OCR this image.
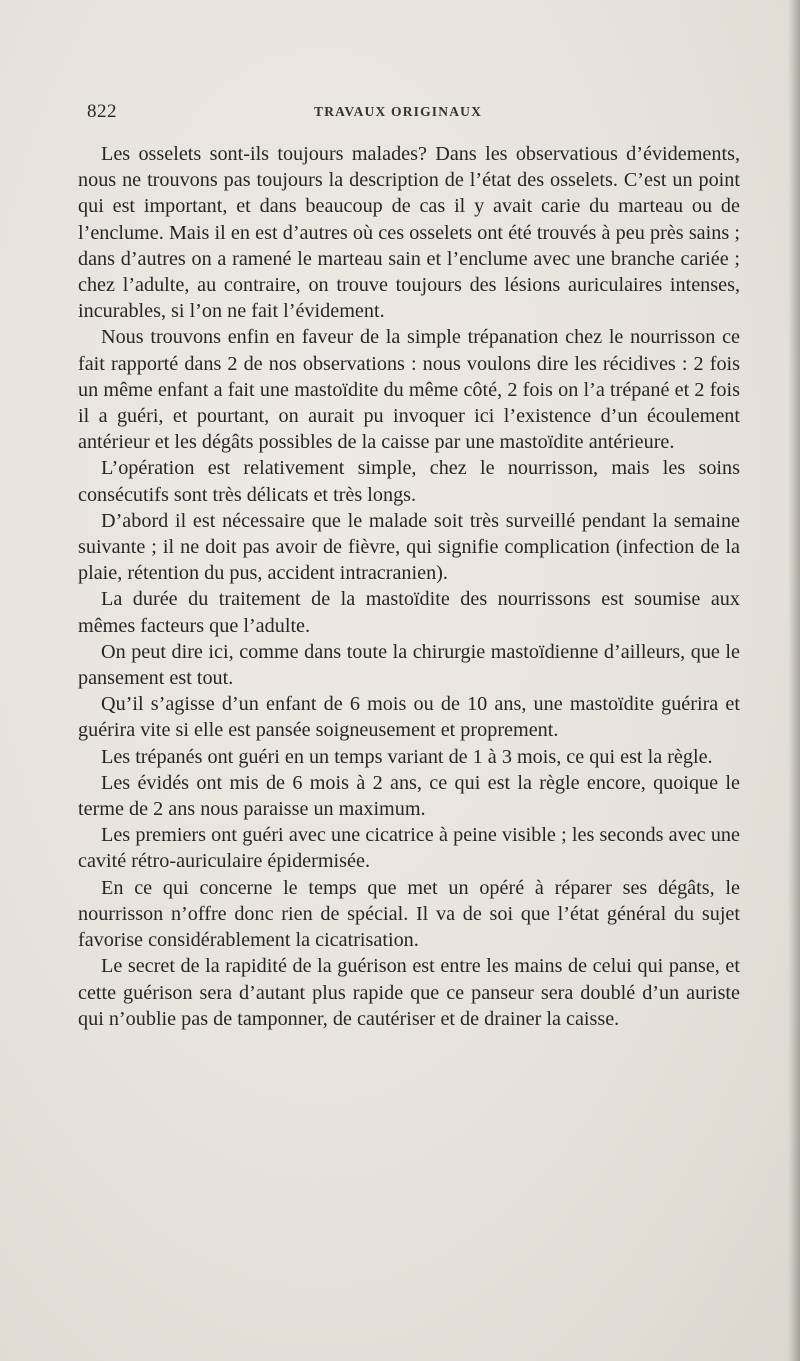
822	TRAVAUX ORIGINAUX

Les osselets sont-ils toujours malades? Dans les observatious d’évidements, nous ne trouvons pas toujours la description de l’état des osselets. C’est un point qui est important, et dans beaucoup de cas il y avait carie du marteau ou de l’enclume. Mais il en est d’autres où ces osselets ont été trouvés à peu près sains ; dans d’autres on a ramené le marteau sain et l’enclume avec une branche cariée ; chez l’adulte, au contraire, on trouve toujours des lésions auriculaires intenses, incurables, si l’on ne fait l’évidement.

Nous trouvons enfin en faveur de la simple trépanation chez le nourrisson ce fait rapporté dans 2 de nos observations : nous voulons dire les récidives : 2 fois un même enfant a fait une mastoïdite du même côté, 2 fois on l’a trépané et 2 fois il a guéri, et pourtant, on aurait pu invoquer ici l’existence d’un écoulement antérieur et les dégâts possibles de la caisse par une mastoïdite antérieure.

L’opération est relativement simple, chez le nourrisson, mais les soins consécutifs sont très délicats et très longs.

D’abord il est nécessaire que le malade soit très surveillé pendant la semaine suivante ; il ne doit pas avoir de fièvre, qui signifie complication (infection de la plaie, rétention du pus, accident intracranien).

La durée du traitement de la mastoïdite des nourrissons est soumise aux mêmes facteurs que l’adulte.

On peut dire ici, comme dans toute la chirurgie mastoïdienne d’ailleurs, que le pansement est tout.

Qu’il s’agisse d’un enfant de 6 mois ou de 10 ans, une mastoïdite guérira et guérira vite si elle est pansée soigneusement et proprement.

Les trépanés ont guéri en un temps variant de 1 à 3 mois, ce qui est la règle.

Les évidés ont mis de 6 mois à 2 ans, ce qui est la règle encore, quoique le terme de 2 ans nous paraisse un maximum.

Les premiers ont guéri avec une cicatrice à peine visible ; les seconds avec une cavité rétro-auriculaire épidermisée.

En ce qui concerne le temps que met un opéré à réparer ses dégâts, le nourrisson n’offre donc rien de spécial. Il va de soi que l’état général du sujet favorise considérablement la cicatrisation.

Le secret de la rapidité de la guérison est entre les mains de celui qui panse, et cette guérison sera d’autant plus rapide que ce panseur sera doublé d’un auriste qui n’oublie pas de tamponner, de cautériser et de drainer la caisse.
